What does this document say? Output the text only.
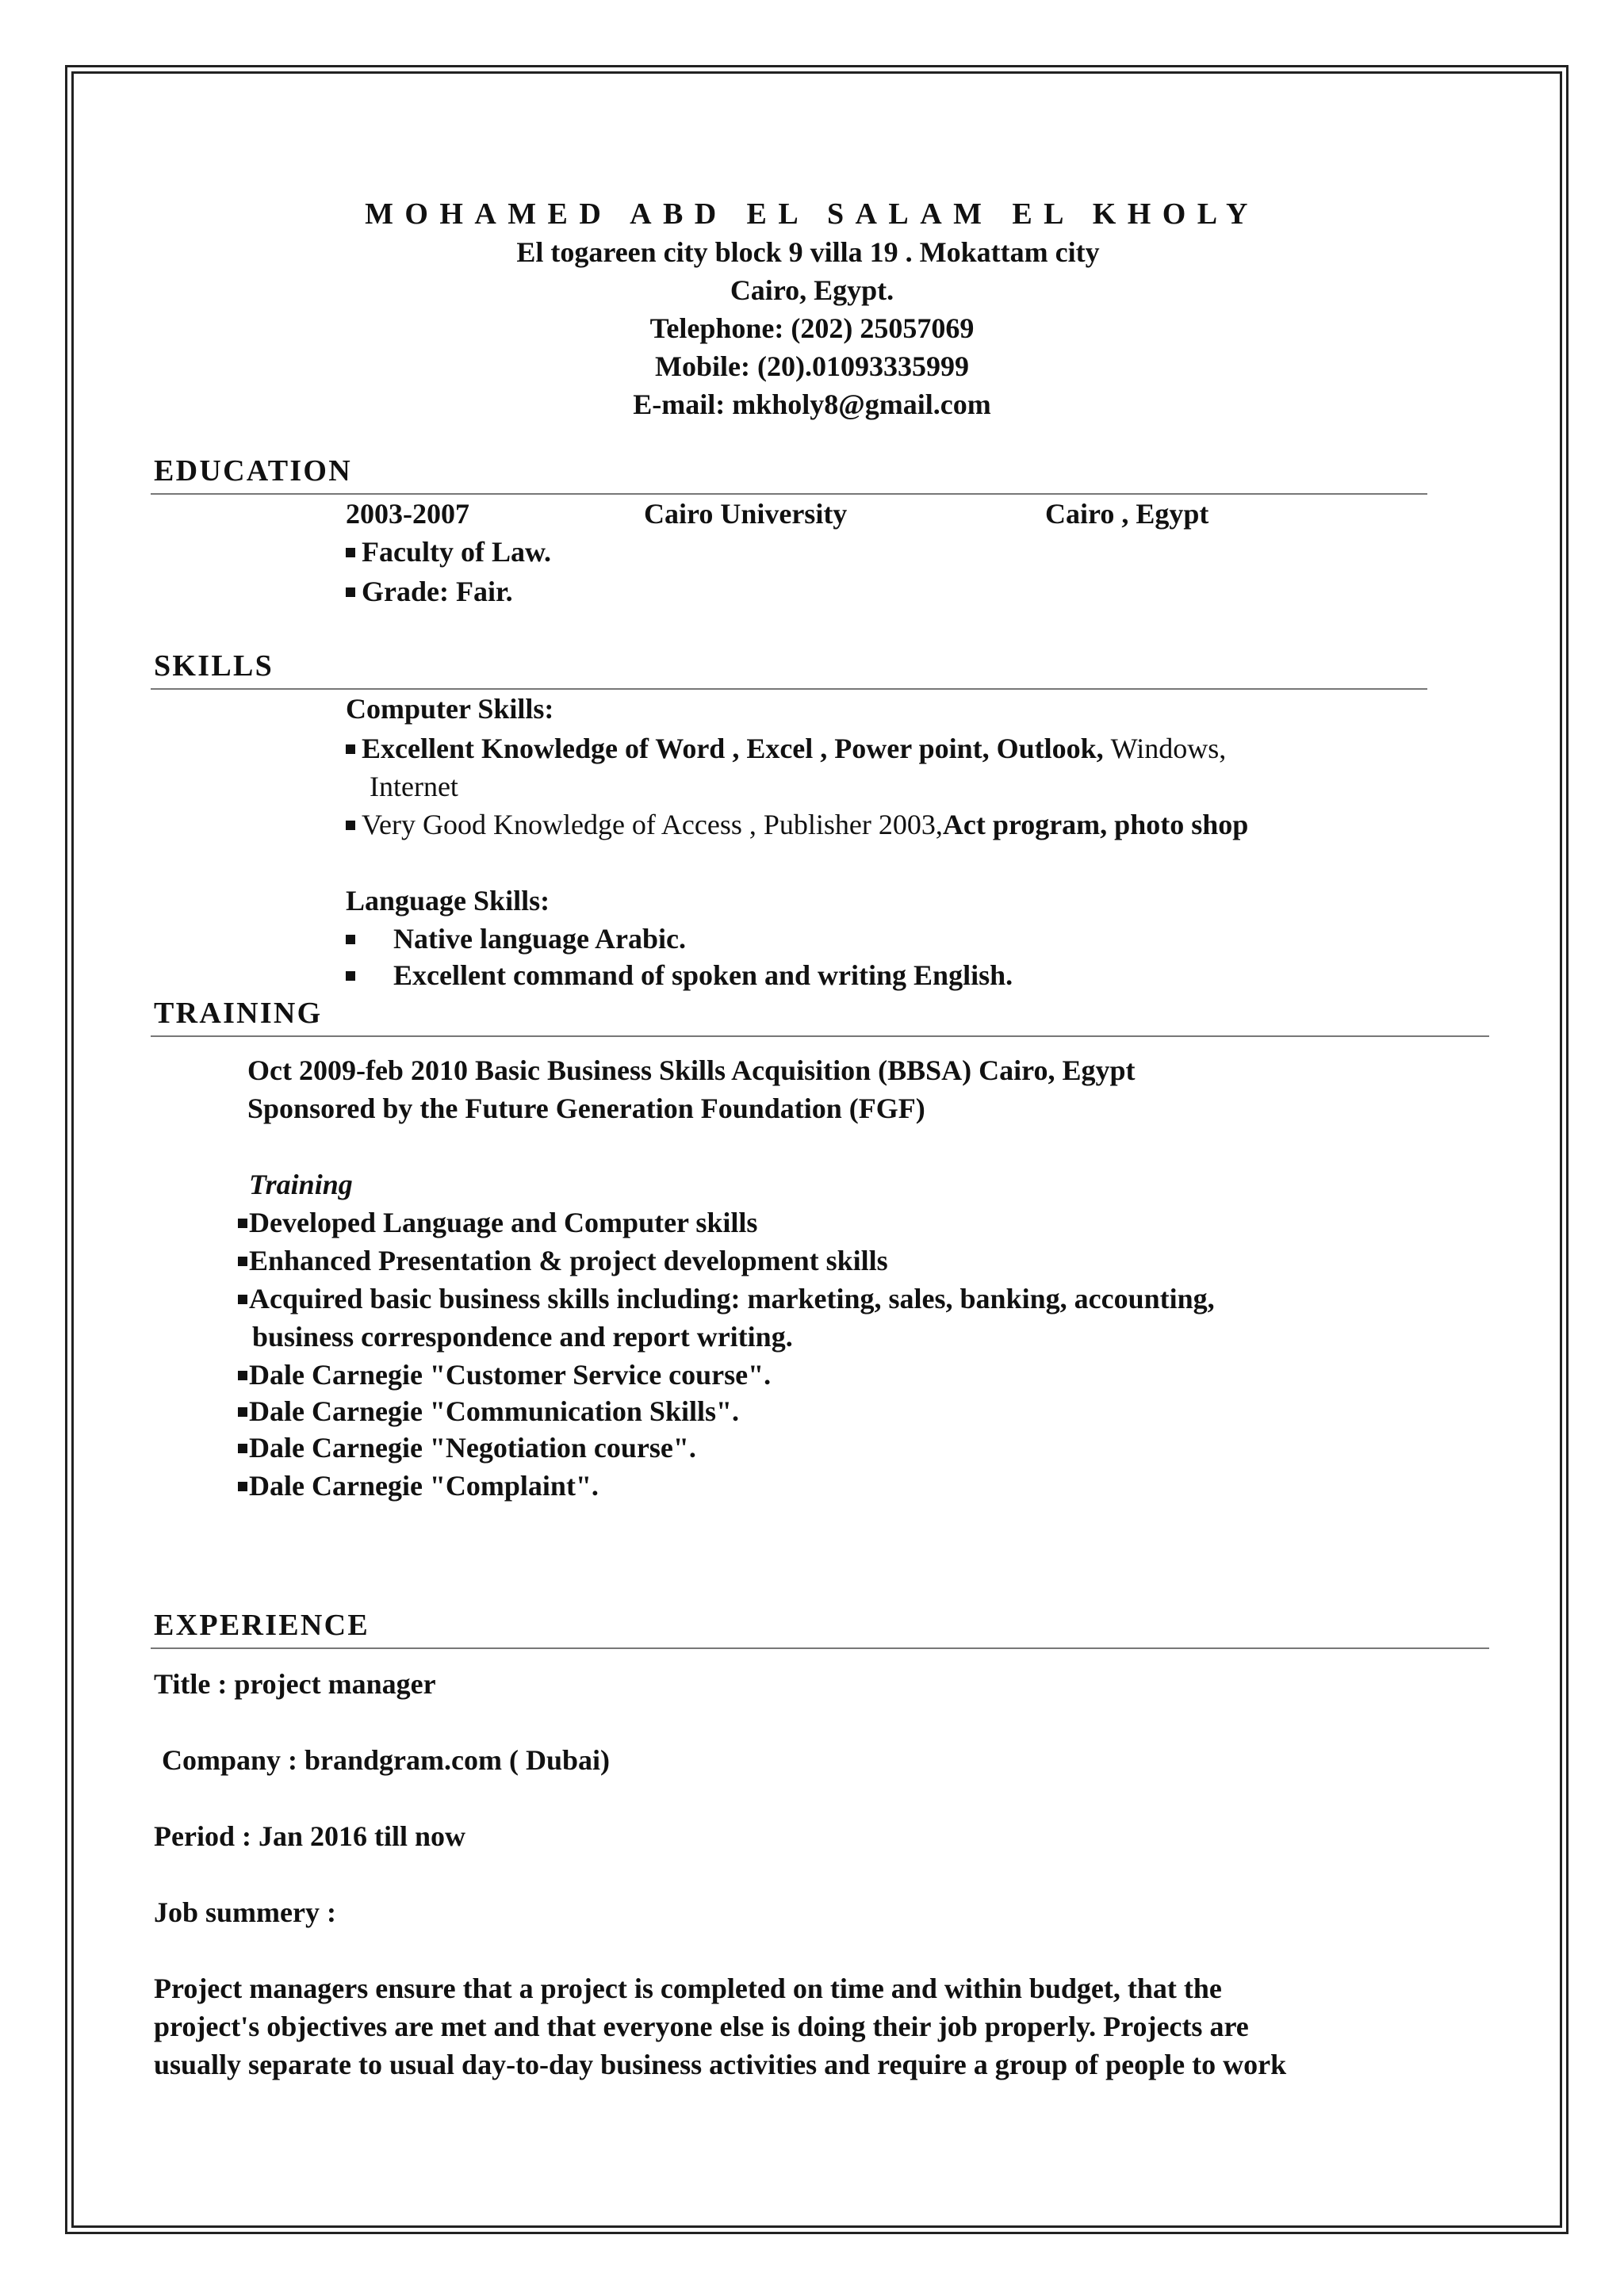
MOHAMED ABD EL SALAM EL KHOLY
El togareen city block 9 villa 19 . Mokattam city
Cairo, Egypt.
Telephone: (202) 25057069
Mobile: (20).01093335999
E-mail: mkholy8@gmail.com
EDUCATION
2003-2007	Cairo University	Cairo , Egypt
Faculty of Law.
Grade: Fair.
SKILLS
Computer Skills:
Excellent Knowledge of Word , Excel , Power point, Outlook, Windows,
Internet
Very Good Knowledge of Access , Publisher 2003,Act program, photo shop
Language Skills:
Native language Arabic.
Excellent command of spoken and writing English.
TRAINING
Oct 2009-feb 2010 Basic Business Skills Acquisition (BBSA) Cairo, Egypt
Sponsored by the Future Generation Foundation (FGF)
Training
Developed Language and Computer skills
Enhanced Presentation & project development skills
Acquired basic business skills including: marketing, sales, banking, accounting,
business correspondence and report writing.
Dale Carnegie "Customer Service course".
Dale Carnegie "Communication Skills".
Dale Carnegie "Negotiation course".
Dale Carnegie "Complaint".
EXPERIENCE
Title : project manager
Company : brandgram.com ( Dubai)
Period : Jan 2016 till now
Job summery :
Project managers ensure that a project is completed on time and within budget, that the
project's objectives are met and that everyone else is doing their job properly. Projects are
usually separate to usual day-to-day business activities and require a group of people to work
